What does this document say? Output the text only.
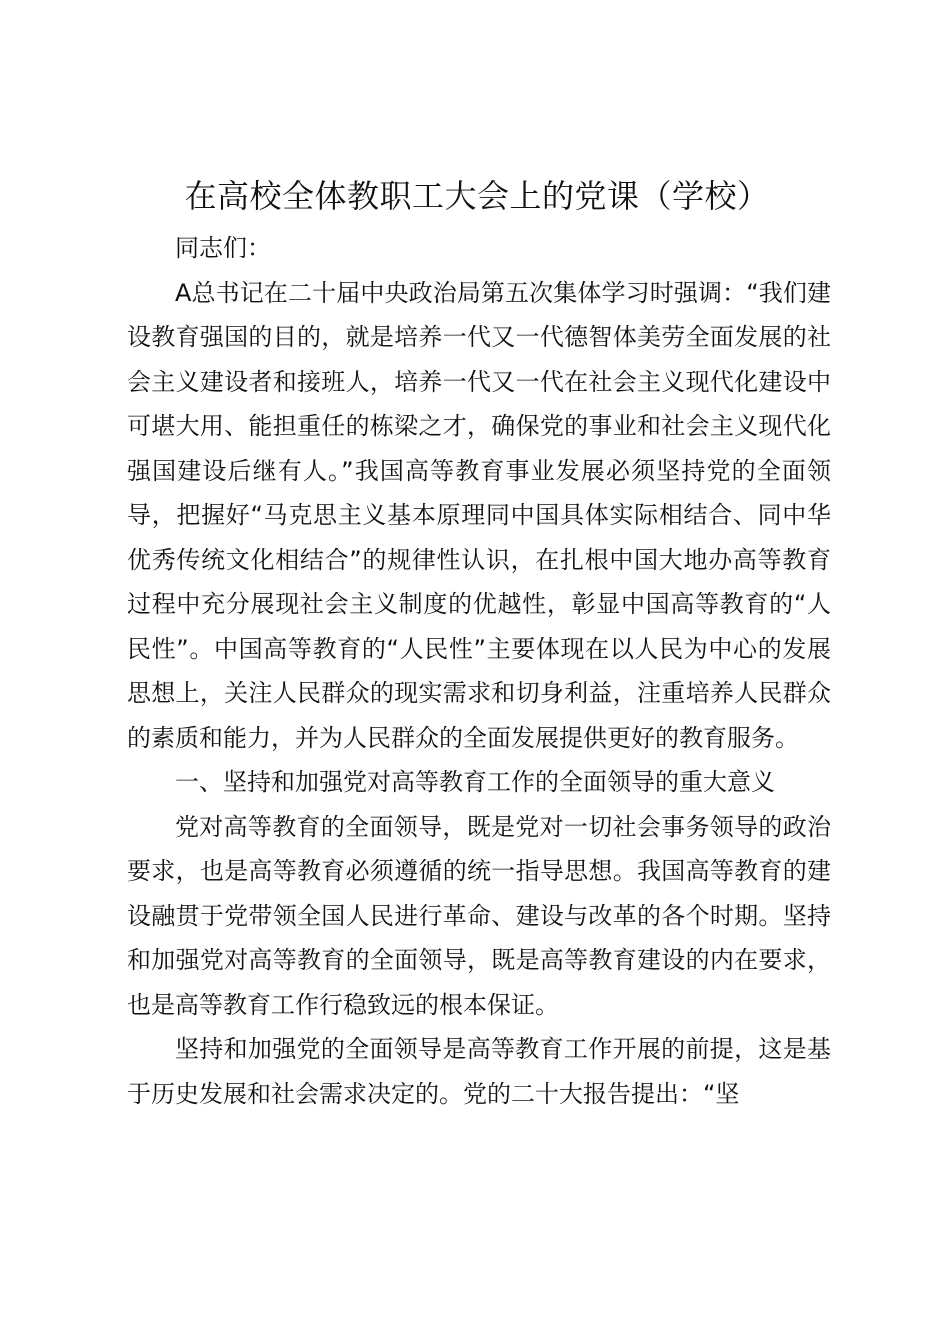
在高校全体教职工大会上的党课（学校）

同志们：

A总书记在二十届中央政治局第五次集体学习时强调：“我们建设教育强国的目的，就是培养一代又一代德智体美劳全面发展的社会主义建设者和接班人，培养一代又一代在社会主义现代化建设中可堪大用、能担重任的栋梁之才，确保党的事业和社会主义现代化强国建设后继有人。”我国高等教育事业发展必须坚持党的全面领导，把握好“马克思主义基本原理同中国具体实际相结合、同中华优秀传统文化相结合”的规律性认识，在扎根中国大地办高等教育过程中充分展现社会主义制度的优越性，彰显中国高等教育的“人民性”。中国高等教育的“人民性”主要体现在以人民为中心的发展思想上，关注人民群众的现实需求和切身利益，注重培养人民群众的素质和能力，并为人民群众的全面发展提供更好的教育服务。

一、坚持和加强党对高等教育工作的全面领导的重大意义

党对高等教育的全面领导，既是党对一切社会事务领导的政治要求，也是高等教育必须遵循的统一指导思想。我国高等教育的建设融贯于党带领全国人民进行革命、建设与改革的各个时期。坚持和加强党对高等教育的全面领导，既是高等教育建设的内在要求，也是高等教育工作行稳致远的根本保证。

坚持和加强党的全面领导是高等教育工作开展的前提，这是基于历史发展和社会需求决定的。党的二十大报告提出：“坚
